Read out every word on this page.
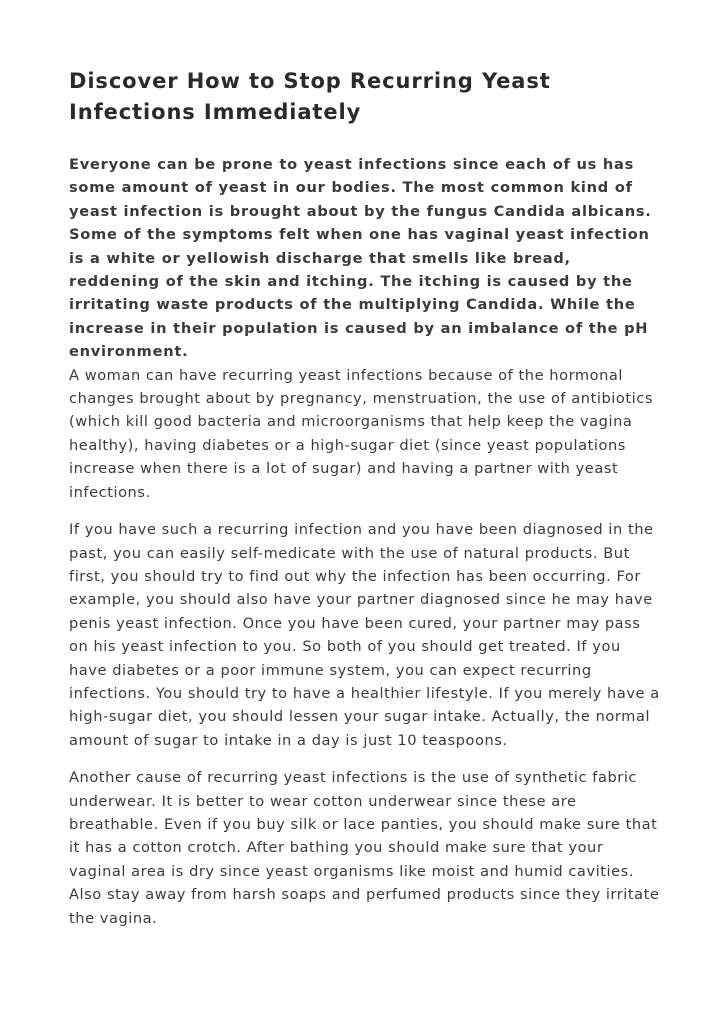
Discover How to Stop Recurring Yeast Infections Immediately

Everyone can be prone to yeast infections since each of us has some amount of yeast in our bodies. The most common kind of yeast infection is brought about by the fungus Candida albicans. Some of the symptoms felt when one has vaginal yeast infection is a white or yellowish discharge that smells like bread, reddening of the skin and itching. The itching is caused by the irritating waste products of the multiplying Candida. While the increase in their population is caused by an imbalance of the pH environment.

A woman can have recurring yeast infections because of the hormonal changes brought about by pregnancy, menstruation, the use of antibiotics (which kill good bacteria and microorganisms that help keep the vagina healthy), having diabetes or a high-sugar diet (since yeast populations increase when there is a lot of sugar) and having a partner with yeast infections.

If you have such a recurring infection and you have been diagnosed in the past, you can easily self-medicate with the use of natural products. But first, you should try to find out why the infection has been occurring. For example, you should also have your partner diagnosed since he may have penis yeast infection. Once you have been cured, your partner may pass on his yeast infection to you. So both of you should get treated. If you have diabetes or a poor immune system, you can expect recurring infections. You should try to have a healthier lifestyle. If you merely have a high-sugar diet, you should lessen your sugar intake. Actually, the normal amount of sugar to intake in a day is just 10 teaspoons.

Another cause of recurring yeast infections is the use of synthetic fabric underwear. It is better to wear cotton underwear since these are breathable. Even if you buy silk or lace panties, you should make sure that it has a cotton crotch. After bathing you should make sure that your vaginal area is dry since yeast organisms like moist and humid cavities. Also stay away from harsh soaps and perfumed products since they irritate the vagina.
